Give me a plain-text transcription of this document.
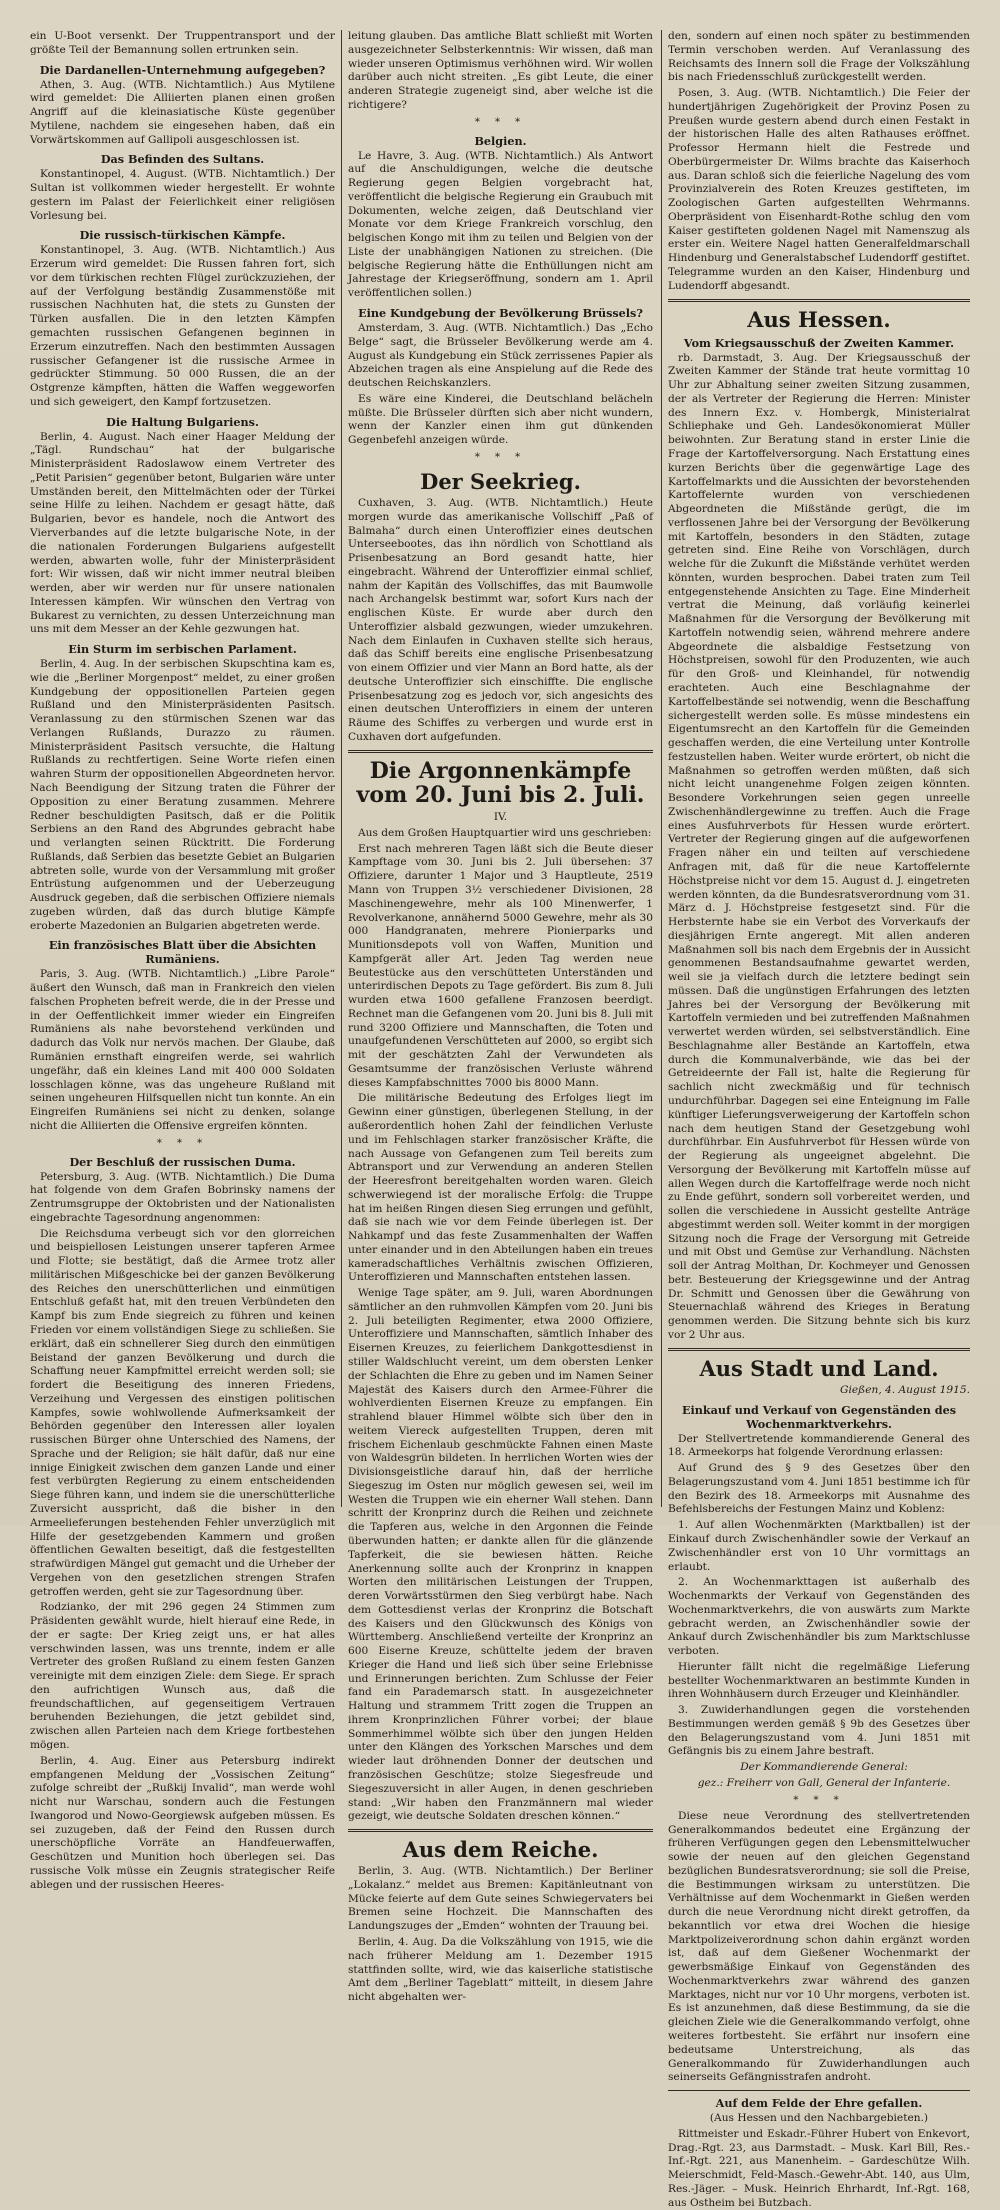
ein U-Boot versenkt. Der Truppentransport und der größte Teil der Bemannung sollen ertrunken sein.

Die Dardanellen-Unternehmung aufgegeben?

Athen, 3. Aug. (WTB. Nichtamtlich.) Aus Mytilene wird gemeldet: Die Alliierten planen einen großen Angriff auf die kleinasiatische Küste gegenüber Mytilene, nachdem sie eingesehen haben, daß ein Vorwärtskommen auf Gallipoli ausgeschlossen ist.

Das Befinden des Sultans.

Konstantinopel, 4. August. (WTB. Nichtamtlich.) Der Sultan ist vollkommen wieder hergestellt. Er wohnte gestern im Palast der Feierlichkeit einer religiösen Vorlesung bei.

Die russisch-türkischen Kämpfe.

Konstantinopel, 3. Aug. (WTB. Nichtamtlich.) Aus Erzerum wird gemeldet: Die Russen fahren fort, sich vor dem türkischen rechten Flügel zurückzuziehen, der auf der Verfolgung beständig Zusammenstöße mit russischen Nachhuten hat, die stets zu Gunsten der Türken ausfallen. Die in den letzten Kämpfen gemachten russischen Gefangenen beginnen in Erzerum einzutreffen. Nach den bestimmten Aussagen russischer Gefangener ist die russische Armee in gedrückter Stimmung. 50 000 Russen, die an der Ostgrenze kämpften, hätten die Waffen weggeworfen und sich geweigert, den Kampf fortzusetzen.

Die Haltung Bulgariens.

Berlin, 4. August. Nach einer Haager Meldung der „Tägl. Rundschau“ hat der bulgarische Ministerpräsident Radoslawow einem Vertreter des „Petit Parisien“ gegenüber betont, Bulgarien wäre unter Umständen bereit, den Mittelmächten oder der Türkei seine Hilfe zu leihen. Nachdem er gesagt hätte, daß Bulgarien, bevor es handele, noch die Antwort des Vierverbandes auf die letzte bulgarische Note, in der die nationalen Forderungen Bulgariens aufgestellt werden, abwarten wolle, fuhr der Ministerpräsident fort: Wir wissen, daß wir nicht immer neutral bleiben werden, aber wir werden nur für unsere nationalen Interessen kämpfen. Wir wünschen den Vertrag von Bukarest zu vernichten, zu dessen Unterzeichnung man uns mit dem Messer an der Kehle gezwungen hat.

Ein Sturm im serbischen Parlament.

Berlin, 4. Aug. In der serbischen Skupschtina kam es, wie die „Berliner Morgenpost“ meldet, zu einer großen Kundgebung der oppositionellen Parteien gegen Rußland und den Ministerpräsidenten Pasitsch. Veranlassung zu den stürmischen Szenen war das Verlangen Rußlands, Durazzo zu räumen. Ministerpräsident Pasitsch versuchte, die Haltung Rußlands zu rechtfertigen. Seine Worte riefen einen wahren Sturm der oppositionellen Abgeordneten hervor. Nach Beendigung der Sitzung traten die Führer der Opposition zu einer Beratung zusammen. Mehrere Redner beschuldigten Pasitsch, daß er die Politik Serbiens an den Rand des Abgrundes gebracht habe und verlangten seinen Rücktritt. Die Forderung Rußlands, daß Serbien das besetzte Gebiet an Bulgarien abtreten solle, wurde von der Versammlung mit großer Entrüstung aufgenommen und der Ueberzeugung Ausdruck gegeben, daß die serbischen Offiziere niemals zugeben würden, daß das durch blutige Kämpfe eroberte Mazedonien an Bulgarien abgetreten werde.

Ein französisches Blatt über die Absichten Rumäniens.

Paris, 3. Aug. (WTB. Nichtamtlich.) „Libre Parole“ äußert den Wunsch, daß man in Frankreich den vielen falschen Propheten befreit werde, die in der Presse und in der Oeffentlichkeit immer wieder ein Eingreifen Rumäniens als nahe bevorstehend verkünden und dadurch das Volk nur nervös machen. Der Glaube, daß Rumänien ernsthaft eingreifen werde, sei wahrlich ungefähr, daß ein kleines Land mit 400 000 Soldaten losschlagen könne, was das ungeheure Rußland mit seinen ungeheuren Hilfsquellen nicht tun konnte. An ein Eingreifen Rumäniens sei nicht zu denken, solange nicht die Alliierten die Offensive ergreifen könnten.

* * *
Der Beschluß der russischen Duma.

Petersburg, 3. Aug. (WTB. Nichtamtlich.) Die Duma hat folgende von dem Grafen Bobrinsky namens der Zentrumsgruppe der Oktobristen und der Nationalisten eingebrachte Tagesordnung angenommen:

Die Reichsduma verbeugt sich vor den glorreichen und beispiellosen Leistungen unserer tapferen Armee und Flotte; sie bestätigt, daß die Armee trotz aller militärischen Mißgeschicke bei der ganzen Bevölkerung des Reiches den unerschütterlichen und einmütigen Entschluß gefaßt hat, mit den treuen Verbündeten den Kampf bis zum Ende siegreich zu führen und keinen Frieden vor einem vollständigen Siege zu schließen. Sie erklärt, daß ein schnellerer Sieg durch den einmütigen Beistand der ganzen Bevölkerung und durch die Schaffung neuer Kampfmittel erreicht werden soll; sie fordert die Beseitigung des inneren Friedens, Verzeihung und Vergessen des einstigen politischen Kampfes, sowie wohlwollende Aufmerksamkeit der Behörden gegenüber den Interessen aller loyalen russischen Bürger ohne Unterschied des Namens, der Sprache und der Religion; sie hält dafür, daß nur eine innige Einigkeit zwischen dem ganzen Lande und einer fest verbürgten Regierung zu einem entscheidenden Siege führen kann, und indem sie die unerschütterliche Zuversicht ausspricht, daß die bisher in den Armeelieferungen bestehenden Fehler unverzüglich mit Hilfe der gesetzgebenden Kammern und großen öffentlichen Gewalten beseitigt, daß die festgestellten strafwürdigen Mängel gut gemacht und die Urheber der Vergehen von den gesetzlichen strengen Strafen getroffen werden, geht sie zur Tagesordnung über.

Rodzianko, der mit 296 gegen 24 Stimmen zum Präsidenten gewählt wurde, hielt hierauf eine Rede, in der er sagte: Der Krieg zeigt uns, er hat alles verschwinden lassen, was uns trennte, indem er alle Vertreter des großen Rußland zu einem festen Ganzen vereinigte mit dem einzigen Ziele: dem Siege. Er sprach den aufrichtigen Wunsch aus, daß die freundschaftlichen, auf gegenseitigem Vertrauen beruhenden Beziehungen, die jetzt gebildet sind, zwischen allen Parteien nach dem Kriege fortbestehen mögen.

Berlin, 4. Aug. Einer aus Petersburg indirekt empfangenen Meldung der „Vossischen Zeitung“ zufolge schreibt der „Rußkij Invalid“, man werde wohl nicht nur Warschau, sondern auch die Festungen Iwangorod und Nowo-Georgiewsk aufgeben müssen. Es sei zuzugeben, daß der Feind den Russen durch unerschöpfliche Vorräte an Handfeuerwaffen, Geschützen und Munition hoch überlegen sei. Das russische Volk müsse ein Zeugnis strategischer Reife ablegen und der russischen Heeres-

leitung glauben. Das amtliche Blatt schließt mit Worten ausgezeichneter Selbsterkenntnis: Wir wissen, daß man wieder unseren Optimismus verhöhnen wird. Wir wollen darüber auch nicht streiten. „Es gibt Leute, die einer anderen Strategie zugeneigt sind, aber welche ist die richtigere?

* * *
Belgien.

Le Havre, 3. Aug. (WTB. Nichtamtlich.) Als Antwort auf die Anschuldigungen, welche die deutsche Regierung gegen Belgien vorgebracht hat, veröffentlicht die belgische Regierung ein Graubuch mit Dokumenten, welche zeigen, daß Deutschland vier Monate vor dem Kriege Frankreich vorschlug, den belgischen Kongo mit ihm zu teilen und Belgien von der Liste der unabhängigen Nationen zu streichen. (Die belgische Regierung hätte die Enthüllungen nicht am Jahrestage der Kriegseröffnung, sondern am 1. April veröffentlichen sollen.)

Eine Kundgebung der Bevölkerung Brüssels?

Amsterdam, 3. Aug. (WTB. Nichtamtlich.) Das „Echo Belge“ sagt, die Brüsseler Bevölkerung werde am 4. August als Kundgebung ein Stück zerrissenes Papier als Abzeichen tragen als eine Anspielung auf die Rede des deutschen Reichskanzlers.

Es wäre eine Kinderei, die Deutschland belächeln müßte. Die Brüsseler dürften sich aber nicht wundern, wenn der Kanzler einen ihm gut dünkenden Gegenbefehl anzeigen würde.

* * *
Der Seekrieg.

Cuxhaven, 3. Aug. (WTB. Nichtamtlich.) Heute morgen wurde das amerikanische Vollschiff „Paß of Balmaha“ durch einen Unteroffizier eines deutschen Unterseebootes, das ihn nördlich von Schottland als Prisenbesatzung an Bord gesandt hatte, hier eingebracht. Während der Unteroffizier einmal schlief, nahm der Kapitän des Vollschiffes, das mit Baumwolle nach Archangelsk bestimmt war, sofort Kurs nach der englischen Küste. Er wurde aber durch den Unteroffizier alsbald gezwungen, wieder umzukehren. Nach dem Einlaufen in Cuxhaven stellte sich heraus, daß das Schiff bereits eine englische Prisenbesatzung von einem Offizier und vier Mann an Bord hatte, als der deutsche Unteroffizier sich einschiffte. Die englische Prisenbesatzung zog es jedoch vor, sich angesichts des einen deutschen Unteroffiziers in einem der unteren Räume des Schiffes zu verbergen und wurde erst in Cuxhaven dort aufgefunden.

Die Argonnenkämpfe vom 20. Juni bis 2. Juli.

IV.

Aus dem Großen Hauptquartier wird uns geschrieben:

Erst nach mehreren Tagen läßt sich die Beute dieser Kampftage vom 30. Juni bis 2. Juli übersehen: 37 Offiziere, darunter 1 Major und 3 Hauptleute, 2519 Mann von Truppen 3½ verschiedener Divisionen, 28 Maschinengewehre, mehr als 100 Minenwerfer, 1 Revolverkanone, annähernd 5000 Gewehre, mehr als 30 000 Handgranaten, mehrere Pionierparks und Munitionsdepots voll von Waffen, Munition und Kampfgerät aller Art. Jeden Tag werden neue Beutestücke aus den verschütteten Unterständen und unterirdischen Depots zu Tage gefördert. Bis zum 8. Juli wurden etwa 1600 gefallene Franzosen beerdigt. Rechnet man die Gefangenen vom 20. Juni bis 8. Juli mit rund 3200 Offiziere und Mannschaften, die Toten und unaufgefundenen Verschütteten auf 2000, so ergibt sich mit der geschätzten Zahl der Verwundeten als Gesamtsumme der französischen Verluste während dieses Kampfabschnittes 7000 bis 8000 Mann.

Die militärische Bedeutung des Erfolges liegt im Gewinn einer günstigen, überlegenen Stellung, in der außerordentlich hohen Zahl der feindlichen Verluste und im Fehlschlagen starker französischer Kräfte, die nach Aussage von Gefangenen zum Teil bereits zum Abtransport und zur Verwendung an anderen Stellen der Heeresfront bereitgehalten worden waren. Gleich schwerwiegend ist der moralische Erfolg: die Truppe hat im heißen Ringen diesen Sieg errungen und gefühlt, daß sie nach wie vor dem Feinde überlegen ist. Der Nahkampf und das feste Zusammenhalten der Waffen unter einander und in den Abteilungen haben ein treues kameradschaftliches Verhältnis zwischen Offizieren, Unteroffizieren und Mannschaften entstehen lassen.

Wenige Tage später, am 9. Juli, waren Abordnungen sämtlicher an den ruhmvollen Kämpfen vom 20. Juni bis 2. Juli beteiligten Regimenter, etwa 2000 Offiziere, Unteroffiziere und Mannschaften, sämtlich Inhaber des Eisernen Kreuzes, zu feierlichem Dankgottesdienst in stiller Waldschlucht vereint, um dem obersten Lenker der Schlachten die Ehre zu geben und im Namen Seiner Majestät des Kaisers durch den Armee-Führer die wohlverdienten Eisernen Kreuze zu empfangen. Ein strahlend blauer Himmel wölbte sich über den in weitem Viereck aufgestellten Truppen, deren mit frischem Eichenlaub geschmückte Fahnen einen Maste von Waldesgrün bildeten. In herrlichen Worten wies der Divisionsgeistliche darauf hin, daß der herrliche Siegeszug im Osten nur möglich gewesen sei, weil im Westen die Truppen wie ein eherner Wall stehen. Dann schritt der Kronprinz durch die Reihen und zeichnete die Tapferen aus, welche in den Argonnen die Feinde überwunden hatten; er dankte allen für die glänzende Tapferkeit, die sie bewiesen hätten. Reiche Anerkennung sollte auch der Kronprinz in knappen Worten den militärischen Leistungen der Truppen, deren Vorwärtsstürmen den Sieg verbürgt habe. Nach dem Gottesdienst verlas der Kronprinz die Botschaft des Kaisers und den Glückwunsch des Königs von Württemberg. Anschließend verteilte der Kronprinz an 600 Eiserne Kreuze, schüttelte jedem der braven Krieger die Hand und ließ sich über seine Erlebnisse und Erinnerungen berichten. Zum Schlusse der Feier fand ein Parademarsch statt. In ausgezeichneter Haltung und strammem Tritt zogen die Truppen an ihrem Kronprinzlichen Führer vorbei; der blaue Sommerhimmel wölbte sich über den jungen Helden unter den Klängen des Yorkschen Marsches und dem wieder laut dröhnenden Donner der deutschen und französischen Geschütze; stolze Siegesfreude und Siegeszuversicht in aller Augen, in denen geschrieben stand: „Wir haben den Franzmännern mal wieder gezeigt, wie deutsche Soldaten dreschen können.“

Aus dem Reiche.

Berlin, 3. Aug. (WTB. Nichtamtlich.) Der Berliner „Lokalanz.“ meldet aus Bremen: Kapitänleutnant von Mücke feierte auf dem Gute seines Schwiegervaters bei Bremen seine Hochzeit. Die Mannschaften des Landungszuges der „Emden“ wohnten der Trauung bei.

Berlin, 4. Aug. Da die Volkszählung von 1915, wie die nach früherer Meldung am 1. Dezember 1915 stattfinden sollte, wird, wie das kaiserliche statistische Amt dem „Berliner Tageblatt“ mitteilt, in diesem Jahre nicht abgehalten wer-

den, sondern auf einen noch später zu bestimmenden Termin verschoben werden. Auf Veranlassung des Reichsamts des Innern soll die Frage der Volkszählung bis nach Friedensschluß zurückgestellt werden.

Posen, 3. Aug. (WTB. Nichtamtlich.) Die Feier der hundertjährigen Zugehörigkeit der Provinz Posen zu Preußen wurde gestern abend durch einen Festakt in der historischen Halle des alten Rathauses eröffnet. Professor Hermann hielt die Festrede und Oberbürgermeister Dr. Wilms brachte das Kaiserhoch aus. Daran schloß sich die feierliche Nagelung des vom Provinzialverein des Roten Kreuzes gestifteten, im Zoologischen Garten aufgestellten Wehrmanns. Oberpräsident von Eisenhardt-Rothe schlug den vom Kaiser gestifteten goldenen Nagel mit Namenszug als erster ein. Weitere Nagel hatten Generalfeldmarschall Hindenburg und Generalstabschef Ludendorff gestiftet. Telegramme wurden an den Kaiser, Hindenburg und Ludendorff abgesandt.

Aus Hessen.
Vom Kriegsausschuß der Zweiten Kammer.

rb. Darmstadt, 3. Aug. Der Kriegsausschuß der Zweiten Kammer der Stände trat heute vormittag 10 Uhr zur Abhaltung seiner zweiten Sitzung zusammen, der als Vertreter der Regierung die Herren: Minister des Innern Exz. v. Hombergk, Ministerialrat Schliephake und Geh. Landesökonomierat Müller beiwohnten. Zur Beratung stand in erster Linie die Frage der Kartoffelversorgung. Nach Erstattung eines kurzen Berichts über die gegenwärtige Lage des Kartoffelmarkts und die Aussichten der bevorstehenden Kartoffelernte wurden von verschiedenen Abgeordneten die Mißstände gerügt, die im verflossenen Jahre bei der Versorgung der Bevölkerung mit Kartoffeln, besonders in den Städten, zutage getreten sind. Eine Reihe von Vorschlägen, durch welche für die Zukunft die Mißstände verhütet werden könnten, wurden besprochen. Dabei traten zum Teil entgegenstehende Ansichten zu Tage. Eine Minderheit vertrat die Meinung, daß vorläufig keinerlei Maßnahmen für die Versorgung der Bevölkerung mit Kartoffeln notwendig seien, während mehrere andere Abgeordnete die alsbaldige Festsetzung von Höchstpreisen, sowohl für den Produzenten, wie auch für den Groß- und Kleinhandel, für notwendig erachteten. Auch eine Beschlagnahme der Kartoffelbestände sei notwendig, wenn die Beschaffung sichergestellt werden solle. Es müsse mindestens ein Eigentumsrecht an den Kartoffeln für die Gemeinden geschaffen werden, die eine Verteilung unter Kontrolle festzustellen haben. Weiter wurde erörtert, ob nicht die Maßnahmen so getroffen werden müßten, daß sich nicht leicht unangenehme Folgen zeigen könnten. Besondere Vorkehrungen seien gegen unreelle Zwischenhändlergewinne zu treffen. Auch die Frage eines Ausfuhrverbots für Hessen wurde erörtert. Vertreter der Regierung gingen auf die aufgeworfenen Fragen näher ein und teilten auf verschiedene Anfragen mit, daß für die neue Kartoffelernte Höchstpreise nicht vor dem 15. August d. J. eingetreten werden könnten, da die Bundesratsverordnung vom 31. März d. J. Höchstpreise festgesetzt sind. Für die Herbsternte habe sie ein Verbot des Vorverkaufs der diesjährigen Ernte angeregt. Mit allen anderen Maßnahmen soll bis nach dem Ergebnis der in Aussicht genommenen Bestandsaufnahme gewartet werden, weil sie ja vielfach durch die letztere bedingt sein müssen. Daß die ungünstigen Erfahrungen des letzten Jahres bei der Versorgung der Bevölkerung mit Kartoffeln vermieden und bei zutreffenden Maßnahmen verwertet werden würden, sei selbstverständlich. Eine Beschlagnahme aller Bestände an Kartoffeln, etwa durch die Kommunalverbände, wie das bei der Getreideernte der Fall ist, halte die Regierung für sachlich nicht zweckmäßig und für technisch undurchführbar. Dagegen sei eine Enteignung im Falle künftiger Lieferungsverweigerung der Kartoffeln schon nach dem heutigen Stand der Gesetzgebung wohl durchführbar. Ein Ausfuhrverbot für Hessen würde von der Regierung als ungeeignet abgelehnt. Die Versorgung der Bevölkerung mit Kartoffeln müsse auf allen Wegen durch die Kartoffelfrage werde noch nicht zu Ende geführt, sondern soll vorbereitet werden, und sollen die verschiedene in Aussicht gestellte Anträge abgestimmt werden soll. Weiter kommt in der morgigen Sitzung noch die Frage der Versorgung mit Getreide und mit Obst und Gemüse zur Verhandlung. Nächsten soll der Antrag Molthan, Dr. Kochmeyer und Genossen betr. Besteuerung der Kriegsgewinne und der Antrag Dr. Schmitt und Genossen über die Gewährung von Steuernachlaß während des Krieges in Beratung genommen werden. Die Sitzung behnte sich bis kurz vor 2 Uhr aus.

Aus Stadt und Land.

Gießen, 4. August 1915.

Einkauf und Verkauf von Gegenständen des Wochenmarktverkehrs.

Der Stellvertretende kommandierende General des 18. Armeekorps hat folgende Verordnung erlassen:

Auf Grund des § 9 des Gesetzes über den Belagerungszustand vom 4. Juni 1851 bestimme ich für den Bezirk des 18. Armeekorps mit Ausnahme des Befehlsbereichs der Festungen Mainz und Koblenz:

1. Auf allen Wochenmärkten (Marktballen) ist der Einkauf durch Zwischenhändler sowie der Verkauf an Zwischenhändler erst von 10 Uhr vormittags an erlaubt.

2. An Wochenmarkttagen ist außerhalb des Wochenmarkts der Verkauf von Gegenständen des Wochenmarktverkehrs, die von auswärts zum Markte gebracht werden, an Zwischenhändler sowie der Ankauf durch Zwischenhändler bis zum Marktschlusse verboten.

Hierunter fällt nicht die regelmäßige Lieferung bestellter Wochenmarktwaren an bestimmte Kunden in ihren Wohnhäusern durch Erzeuger und Kleinhändler.

3. Zuwiderhandlungen gegen die vorstehenden Bestimmungen werden gemäß § 9b des Gesetzes über den Belagerungszustand vom 4. Juni 1851 mit Gefängnis bis zu einem Jahre bestraft.

Der Kommandierende General:

gez.: Freiherr von Gall, General der Infanterie.

* * *

Diese neue Verordnung des stellvertretenden Generalkommandos bedeutet eine Ergänzung der früheren Verfügungen gegen den Lebensmittelwucher sowie der neuen auf den gleichen Gegenstand bezüglichen Bundesratsverordnung; sie soll die Preise, die Bestimmungen wirksam zu unterstützen. Die Verhältnisse auf dem Wochenmarkt in Gießen werden durch die neue Verordnung nicht direkt getroffen, da bekanntlich vor etwa drei Wochen die hiesige Marktpolizeiverordnung schon dahin ergänzt worden ist, daß auf dem Gießener Wochenmarkt der gewerbsmäßige Einkauf von Gegenständen des Wochenmarktverkehrs zwar während des ganzen Marktages, nicht nur vor 10 Uhr morgens, verboten ist. Es ist anzunehmen, daß diese Bestimmung, da sie die gleichen Ziele wie die Generalkommando verfolgt, ohne weiteres fortbesteht. Sie erfährt nur insofern eine bedeutsame Unterstreichung, als das Generalkommando für Zuwiderhandlungen auch seinerseits Gefängnisstrafen androht.

Auf dem Felde der Ehre gefallen.

(Aus Hessen und den Nachbargebieten.)

Rittmeister und Eskadr.-Führer Hubert von Enkevort, Drag.-Rgt. 23, aus Darmstadt. – Musk. Karl Bill, Res.-Inf.-Rgt. 221, aus Manenheim. – Gardeschütze Wilh. Meierschmidt, Feld-Masch.-Gewehr-Abt. 140, aus Ulm, Res.-Jäger. – Musk. Heinrich Ehrhardt, Inf.-Rgt. 168, aus Ostheim bei Butzbach.
